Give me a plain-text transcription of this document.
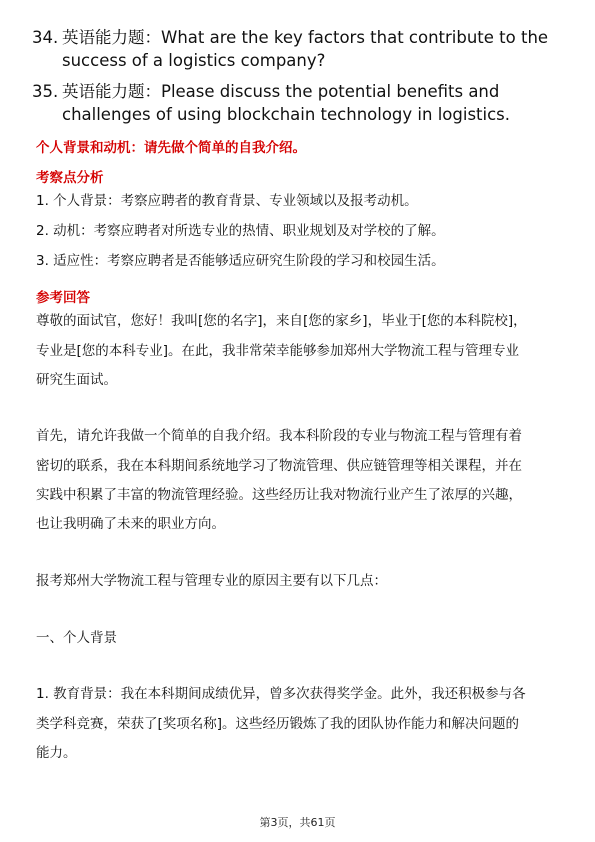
34. 英语能力题：What are the key factors that contribute to the
success of a logistics company?
35. 英语能力题：Please discuss the potential benefits and
challenges of using blockchain technology in logistics.
个人背景和动机：请先做个简单的自我介绍。
考察点分析
1. 个人背景：考察应聘者的教育背景、专业领域以及报考动机。
2. 动机：考察应聘者对所选专业的热情、职业规划及对学校的了解。
3. 适应性：考察应聘者是否能够适应研究生阶段的学习和校园生活。
参考回答
尊敬的面试官，您好！我叫[您的名字]，来自[您的家乡]，毕业于[您的本科院校]，
专业是[您的本科专业]。在此，我非常荣幸能够参加郑州大学物流工程与管理专业
研究生面试。
首先，请允许我做一个简单的自我介绍。我本科阶段的专业与物流工程与管理有着
密切的联系，我在本科期间系统地学习了物流管理、供应链管理等相关课程，并在
实践中积累了丰富的物流管理经验。这些经历让我对物流行业产生了浓厚的兴趣，
也让我明确了未来的职业方向。
报考郑州大学物流工程与管理专业的原因主要有以下几点：
一、个人背景
1. 教育背景：我在本科期间成绩优异，曾多次获得奖学金。此外，我还积极参与各
类学科竞赛，荣获了[奖项名称]。这些经历锻炼了我的团队协作能力和解决问题的
能力。
第3页，共61页
